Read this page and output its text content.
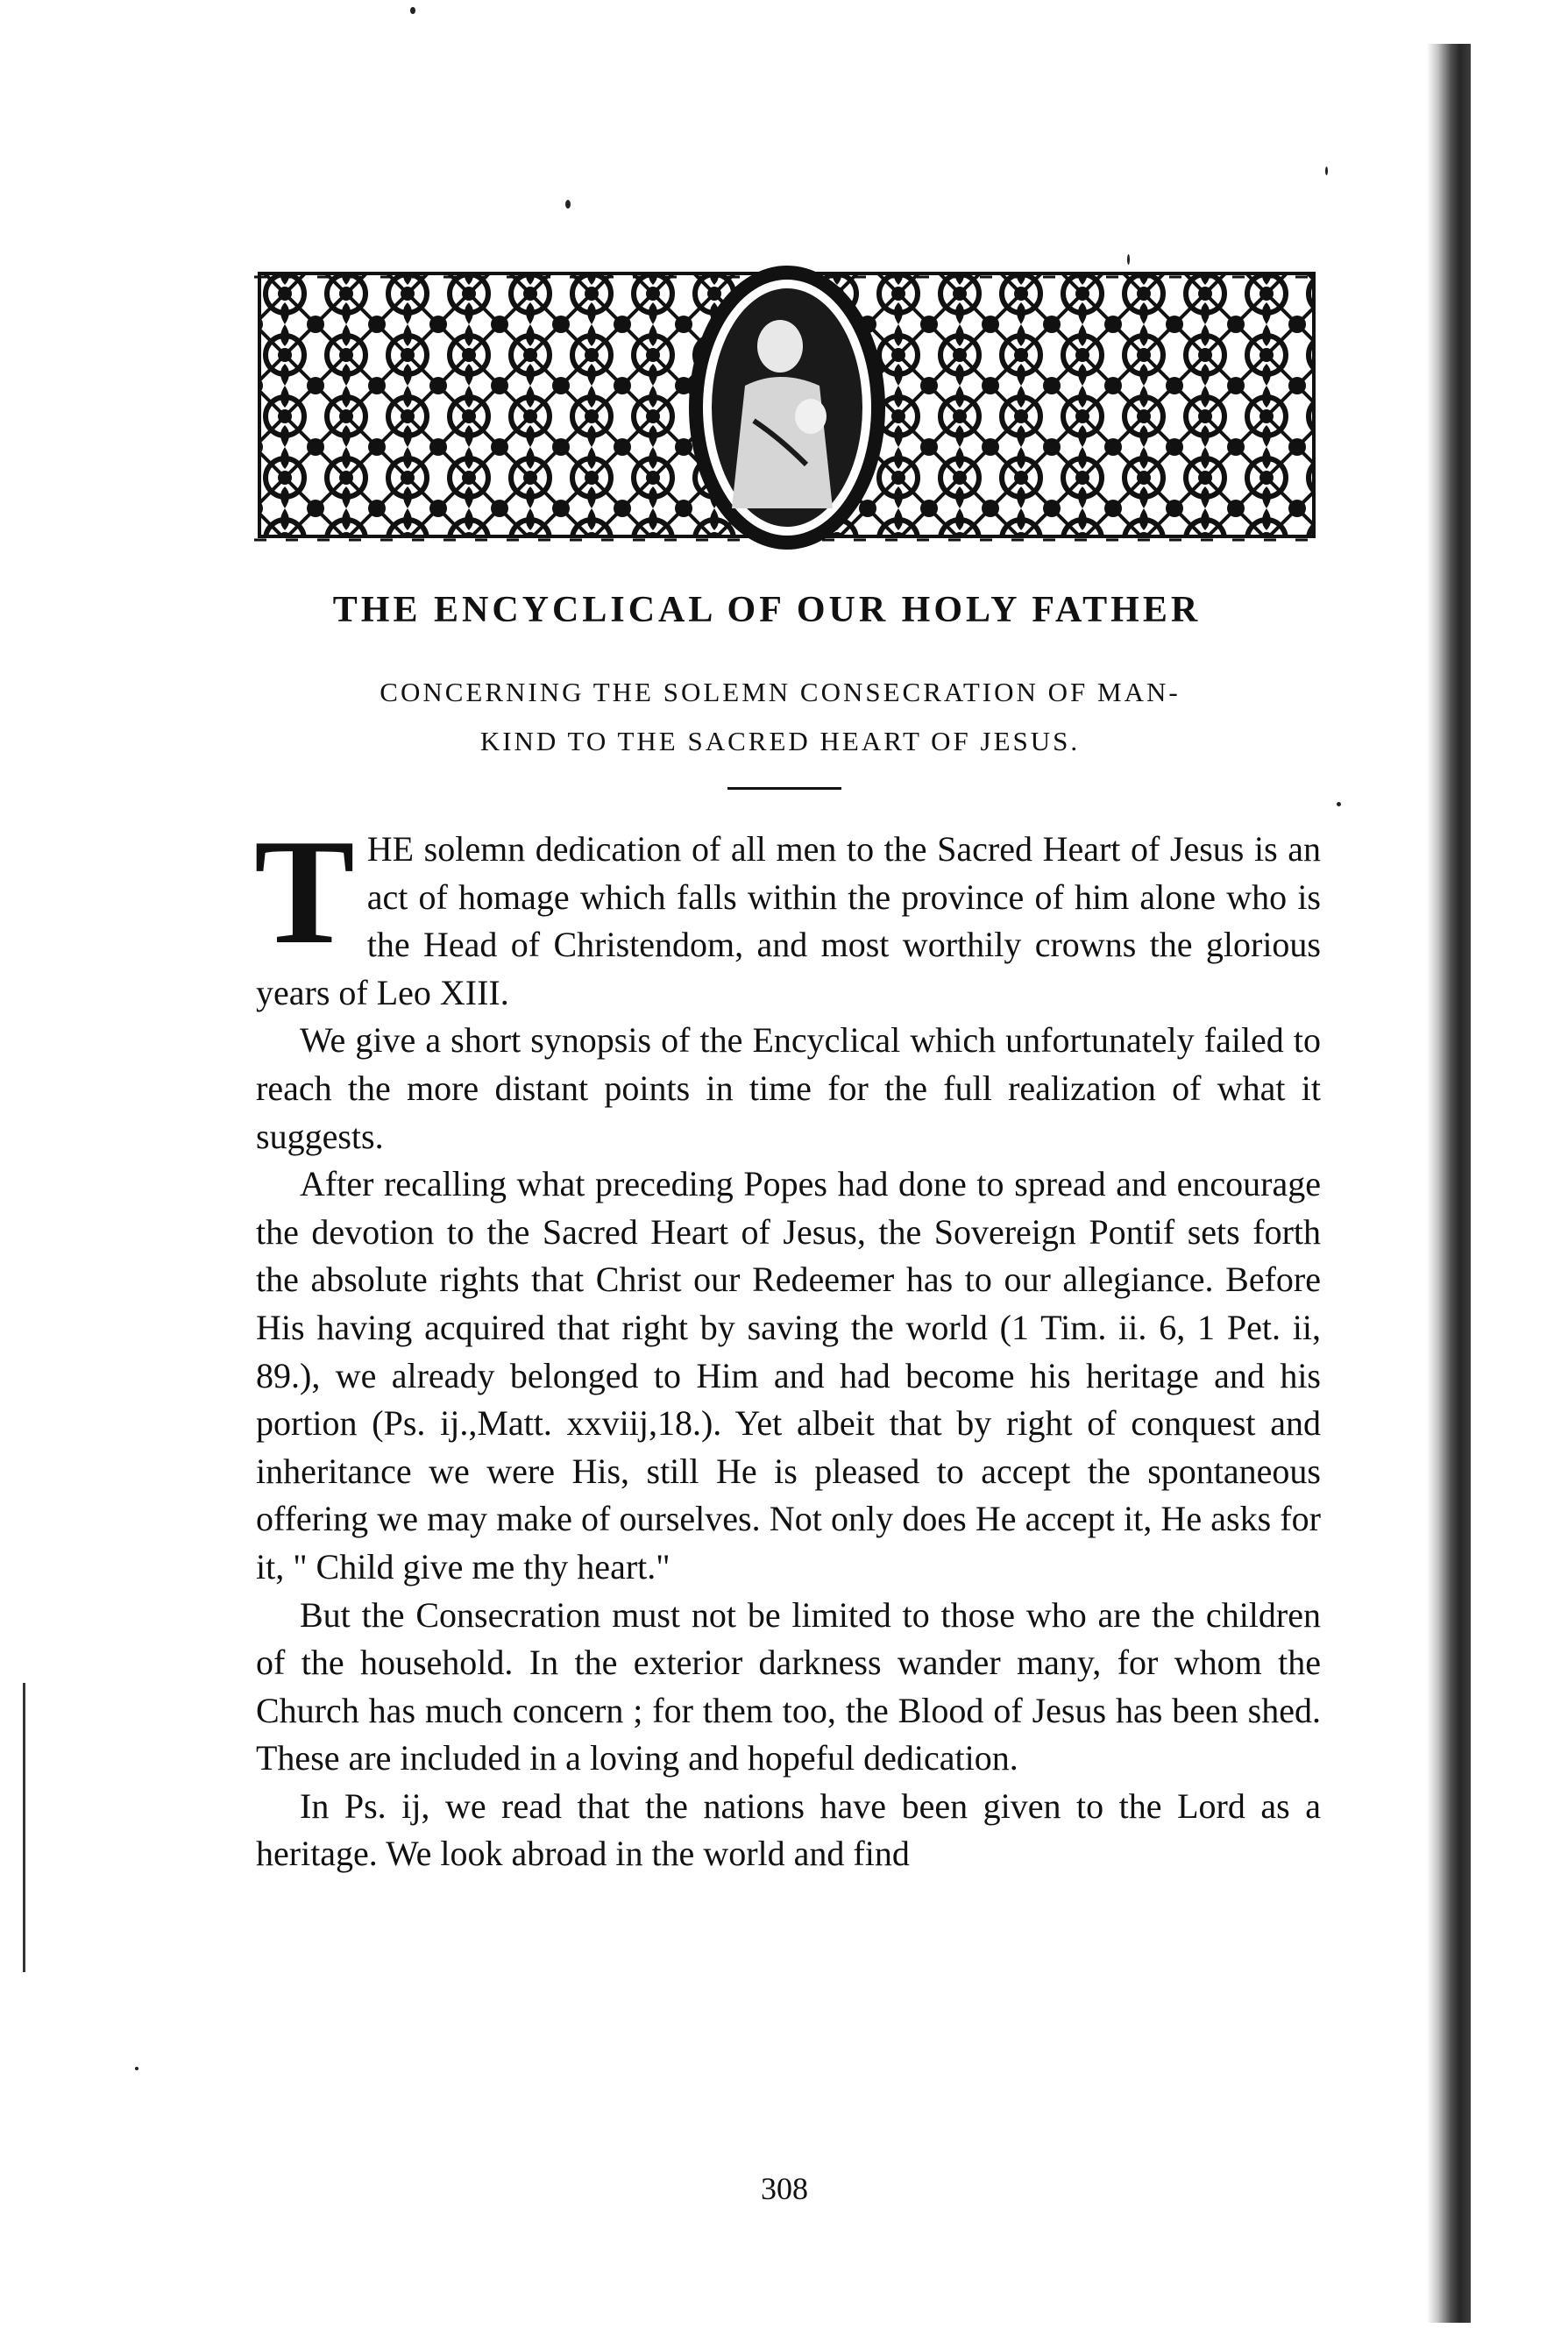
THE ENCYCLICAL OF OUR HOLY FATHER
CONCERNING THE SOLEMN CONSECRATION OF MAN-
KIND TO THE SACRED HEART OF JESUS.

THE solemn dedication of all men to the Sacred Heart of Jesus is an act of homage which falls within the province of him alone who is the Head of Christendom, and most worthily crowns the glorious years of Leo XIII.

We give a short synopsis of the Encyclical which unfortunately failed to reach the more distant points in time for the full realization of what it suggests.

After recalling what preceding Popes had done to spread and encourage the devotion to the Sacred Heart of Jesus, the Sovereign Pontif sets forth the absolute rights that Christ our Redeemer has to our allegiance. Before His having acquired that right by saving the world (1 Tim. ii. 6, 1 Pet. ii, 89.), we already belonged to Him and had become his heritage and his portion (Ps. ij.,Matt. xxviij,18.). Yet albeit that by right of conquest and inheritance we were His, still He is pleased to accept the spontaneous offering we may make of ourselves. Not only does He accept it, He asks for it, " Child give me thy heart."

But the Consecration must not be limited to those who are the children of the household. In the exterior darkness wander many, for whom the Church has much concern ; for them too, the Blood of Jesus has been shed. These are included in a loving and hopeful dedication.

In Ps. ij, we read that the nations have been given to the Lord as a heritage. We look abroad in the world and find

308
